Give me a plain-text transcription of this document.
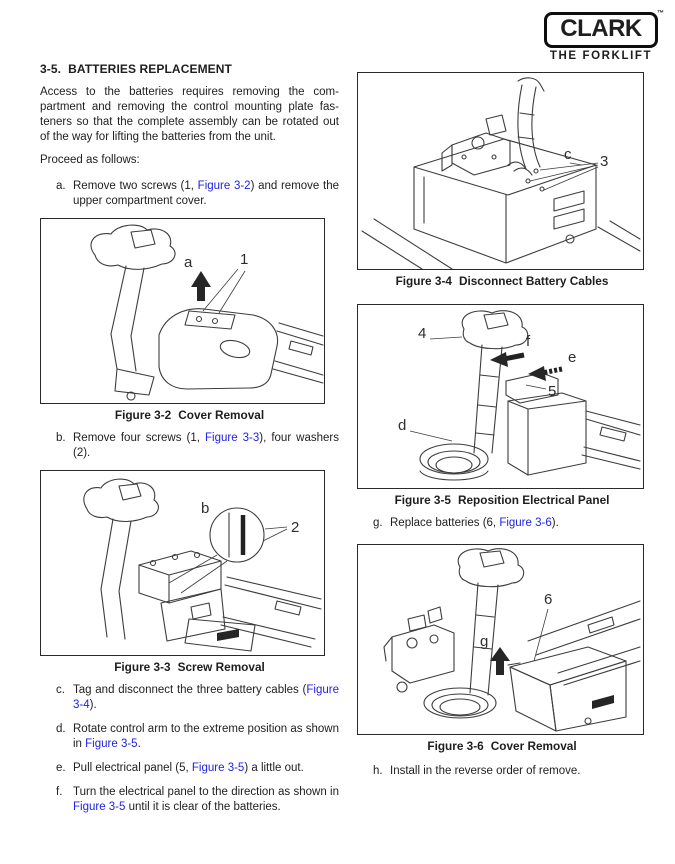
CLARK
™
THE FORKLIFT
3-5. BATTERIES REPLACEMENT

Access to the batteries requires removing the compartment and removing the control mounting plate fasteners so that the complete assembly can be rotated out of the way for lifting the batteries from the unit.

Proceed as follows:

a. Remove two screws (1, Figure 3-2) and remove the upper compartment cover.
a	1
Figure 3-2 Cover Removal
b. Remove four screws (1, Figure 3-3), four washers (2).
b
2
Figure 3-3 Screw Removal
c. Tag and disconnect the three battery cables (Figure 3-4).
d. Rotate control arm to the extreme position as shown in Figure 3-5.
e. Pull electrical panel (5, Figure 3-5) a little out.
f. Turn the electrical panel to the direction as shown in Figure 3-5 until it is clear of the batteries.
c 3
Figure 3-4 Disconnect Battery Cables
4	f
e
5
d
Figure 3-5 Reposition Electrical Panel
g. Replace batteries (6, Figure 3-6).
6
g
Figure 3-6 Cover Removal
h. Install in the reverse order of remove.
